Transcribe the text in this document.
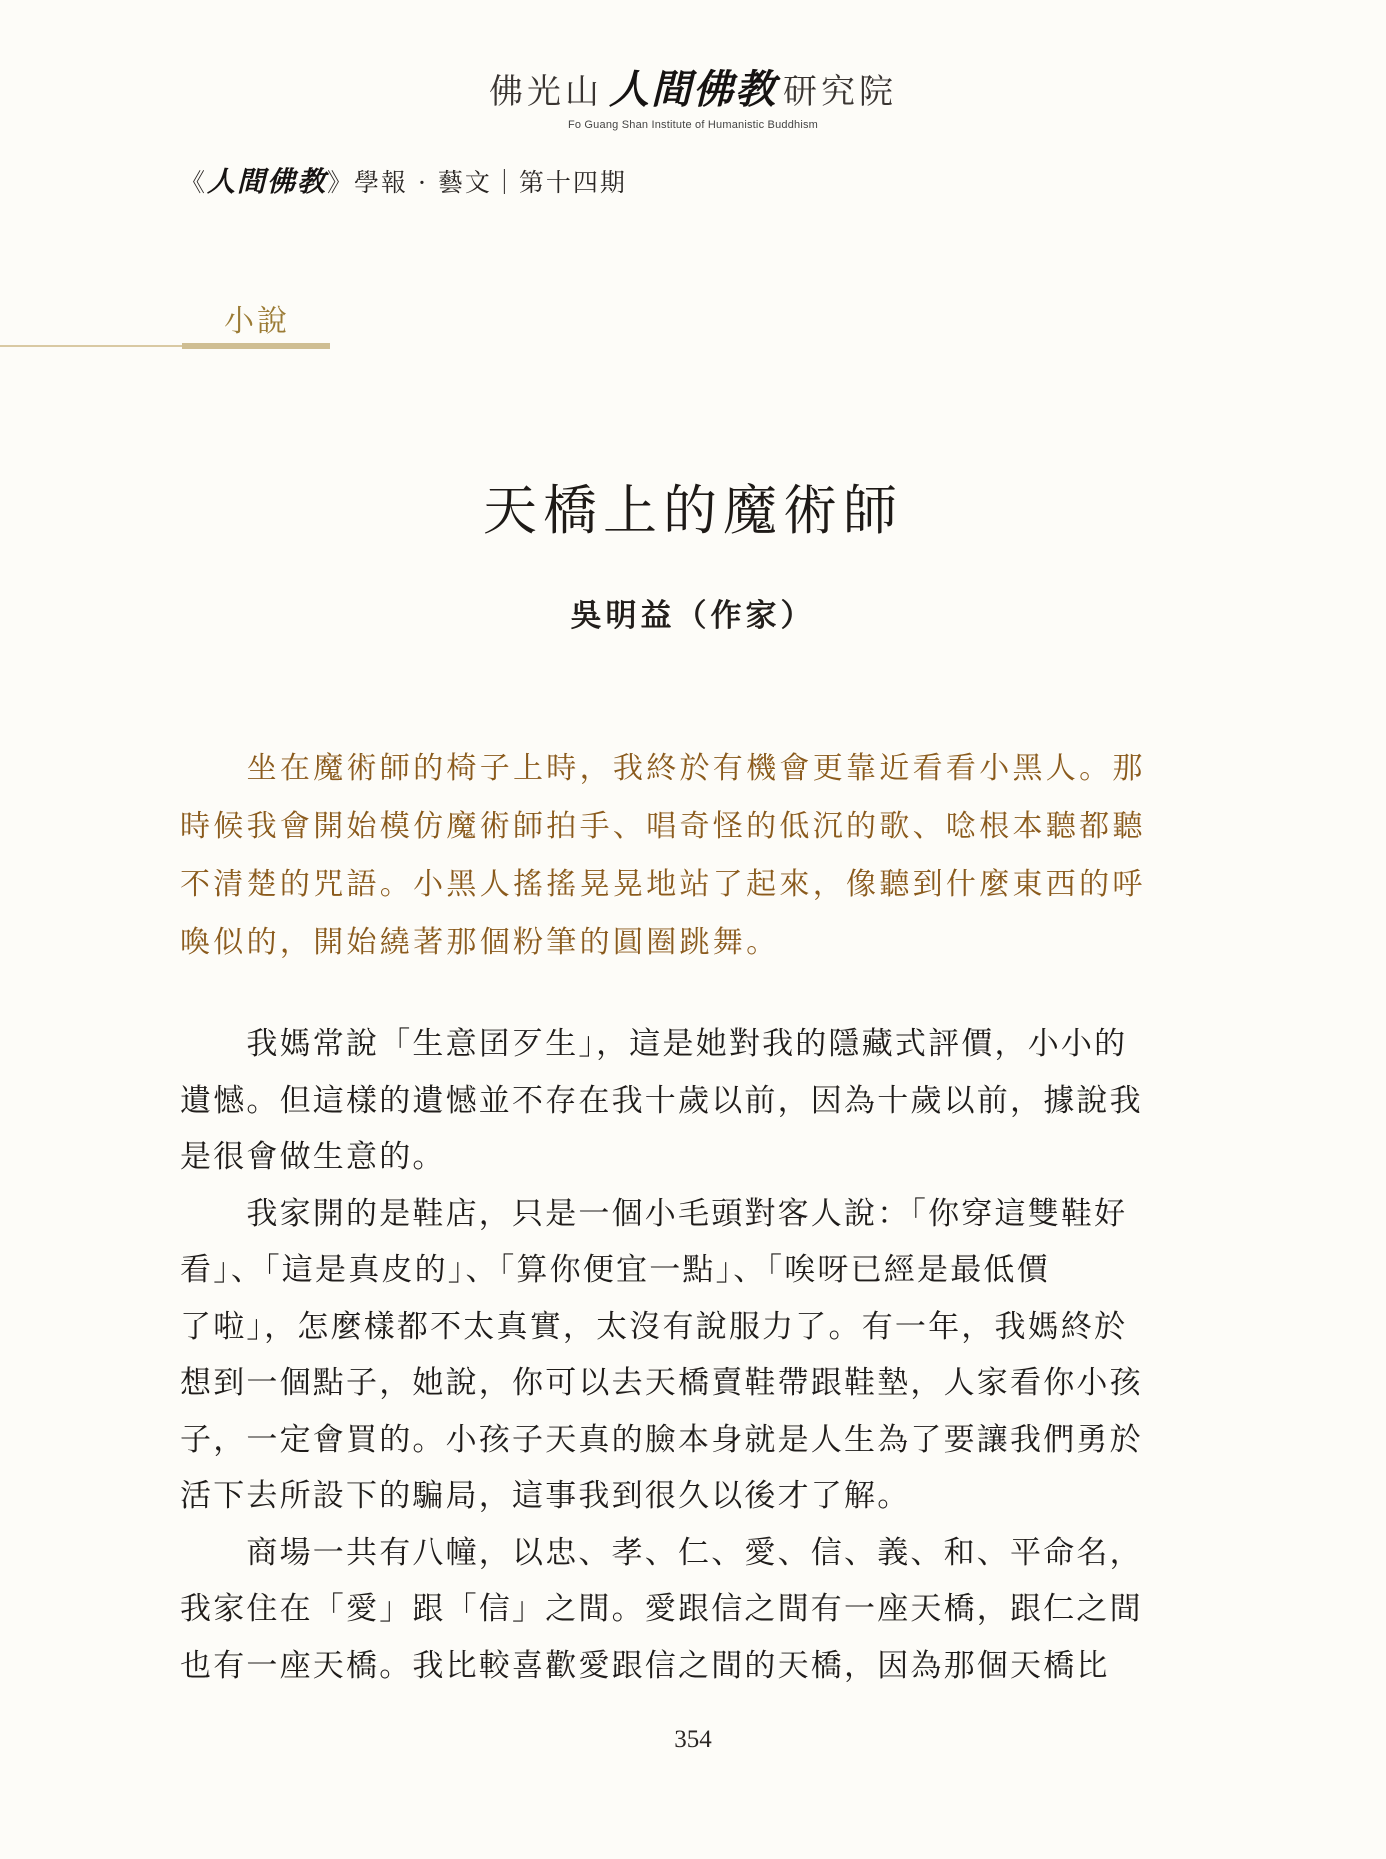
佛光山 人間佛教 研究院
Fo Guang Shan Institute of Humanistic Buddhism
《人間佛教》學報 · 藝文｜第十四期
小說
天橋上的魔術師
吳明益（作家）
　　坐在魔術師的椅子上時，我終於有機會更靠近看看小黑人。那
時候我會開始模仿魔術師拍手、唱奇怪的低沉的歌、唸根本聽都聽
不清楚的咒語。小黑人搖搖晃晃地站了起來，像聽到什麼東西的呼
喚似的，開始繞著那個粉筆的圓圈跳舞。
　　我媽常說「生意囝歹生」，這是她對我的隱藏式評價，小小的
遺憾。但這樣的遺憾並不存在我十歲以前，因為十歲以前，據說我
是很會做生意的。
　　我家開的是鞋店，只是一個小毛頭對客人說：「你穿這雙鞋好
看」、「這是真皮的」、「算你便宜一點」、「唉呀已經是最低價
了啦」，怎麼樣都不太真實，太沒有說服力了。有一年，我媽終於
想到一個點子，她說，你可以去天橋賣鞋帶跟鞋墊，人家看你小孩
子，一定會買的。小孩子天真的臉本身就是人生為了要讓我們勇於
活下去所設下的騙局，這事我到很久以後才了解。
　　商場一共有八幢，以忠、孝、仁、愛、信、義、和、平命名，
我家住在「愛」跟「信」之間。愛跟信之間有一座天橋，跟仁之間
也有一座天橋。我比較喜歡愛跟信之間的天橋，因為那個天橋比
354
